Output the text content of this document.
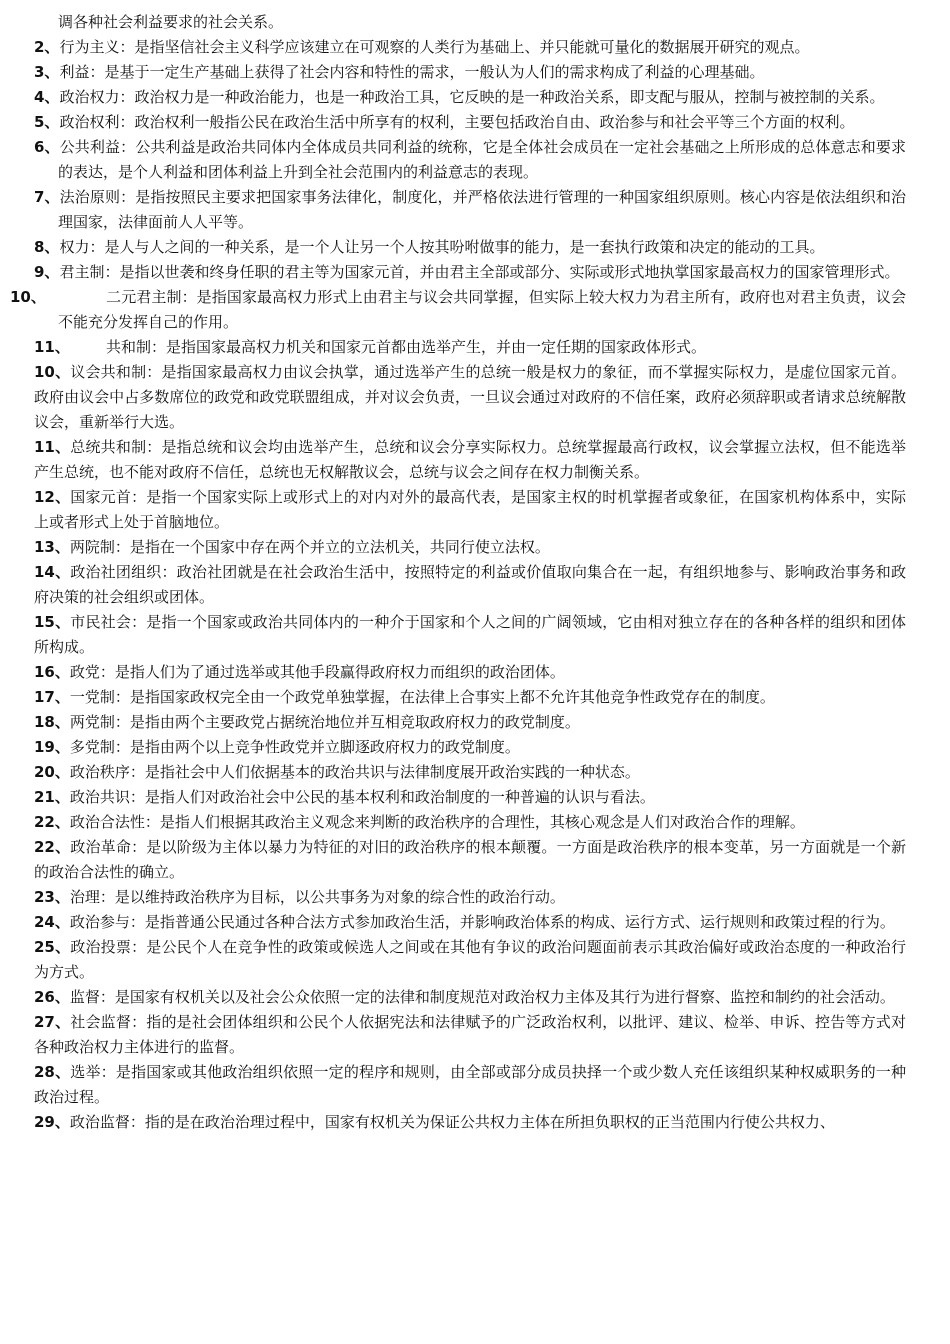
调各种社会利益要求的社会关系。

2、行为主义：是指坚信社会主义科学应该建立在可观察的人类行为基础上、并只能就可量化的数据展开研究的观点。

3、利益：是基于一定生产基础上获得了社会内容和特性的需求，一般认为人们的需求构成了利益的心理基础。

4、政治权力：政治权力是一种政治能力，也是一种政治工具，它反映的是一种政治关系，即支配与服从，控制与被控制的关系。

5、政治权利：政治权利一般指公民在政治生活中所享有的权利，主要包括政治自由、政治参与和社会平等三个方面的权利。

6、公共利益：公共利益是政治共同体内全体成员共同利益的统称，它是全体社会成员在一定社会基础之上所形成的总体意志和要求的表达，是个人利益和团体利益上升到全社会范围内的利益意志的表现。

7、法治原则：是指按照民主要求把国家事务法律化，制度化，并严格依法进行管理的一种国家组织原则。核心内容是依法组织和治理国家，法律面前人人平等。

8、权力：是人与人之间的一种关系，是一个人让另一个人按其吩咐做事的能力，是一套执行政策和决定的能动的工具。

9、君主制：是指以世袭和终身任职的君主等为国家元首，并由君主全部或部分、实际或形式地执掌国家最高权力的国家管理形式。

10、	二元君主制：是指国家最高权力形式上由君主与议会共同掌握，但实际上较大权力为君主所有，政府也对君主负责，议会不能充分发挥自己的作用。

11、 共和制：是指国家最高权力机关和国家元首都由选举产生，并由一定任期的国家政体形式。

10、议会共和制：是指国家最高权力由议会执掌，通过选举产生的总统一般是权力的象征，而不掌握实际权力，是虚位国家元首。政府由议会中占多数席位的政党和政党联盟组成，并对议会负责，一旦议会通过对政府的不信任案，政府必须辞职或者请求总统解散议会，重新举行大选。

11、总统共和制：是指总统和议会均由选举产生，总统和议会分享实际权力。总统掌握最高行政权，议会掌握立法权，但不能选举产生总统，也不能对政府不信任，总统也无权解散议会，总统与议会之间存在权力制衡关系。

12、国家元首：是指一个国家实际上或形式上的对内对外的最高代表，是国家主权的时机掌握者或象征，在国家机构体系中，实际上或者形式上处于首脑地位。

13、两院制：是指在一个国家中存在两个并立的立法机关，共同行使立法权。

14、政治社团组织：政治社团就是在社会政治生活中，按照特定的利益或价值取向集合在一起，有组织地参与、影响政治事务和政府决策的社会组织或团体。

15、市民社会：是指一个国家或政治共同体内的一种介于国家和个人之间的广阔领域，它由相对独立存在的各种各样的组织和团体所构成。

16、政党：是指人们为了通过选举或其他手段赢得政府权力而组织的政治团体。

17、一党制：是指国家政权完全由一个政党单独掌握，在法律上合事实上都不允许其他竞争性政党存在的制度。

18、两党制：是指由两个主要政党占据统治地位并互相竞取政府权力的政党制度。

19、多党制：是指由两个以上竞争性政党并立脚逐政府权力的政党制度。

20、政治秩序：是指社会中人们依据基本的政治共识与法律制度展开政治实践的一种状态。

21、政治共识：是指人们对政治社会中公民的基本权利和政治制度的一种普遍的认识与看法。

22、政治合法性：是指人们根据其政治主义观念来判断的政治秩序的合理性，其核心观念是人们对政治合作的理解。

22、政治革命：是以阶级为主体以暴力为特征的对旧的政治秩序的根本颠覆。一方面是政治秩序的根本变革，另一方面就是一个新的政治合法性的确立。

23、治理：是以维持政治秩序为目标，以公共事务为对象的综合性的政治行动。

24、政治参与：是指普通公民通过各种合法方式参加政治生活，并影响政治体系的构成、运行方式、运行规则和政策过程的行为。

25、政治投票：是公民个人在竞争性的政策或候选人之间或在其他有争议的政治问题面前表示其政治偏好或政治态度的一种政治行为方式。

26、监督：是国家有权机关以及社会公众依照一定的法律和制度规范对政治权力主体及其行为进行督察、监控和制约的社会活动。

27、社会监督：指的是社会团体组织和公民个人依据宪法和法律赋予的广泛政治权利，以批评、建议、检举、申诉、控告等方式对各种政治权力主体进行的监督。

28、选举：是指国家或其他政治组织依照一定的程序和规则，由全部或部分成员抉择一个或少数人充任该组织某种权威职务的一种政治过程。

29、政治监督：指的是在政治治理过程中，国家有权机关为保证公共权力主体在所担负职权的正当范围内行使公共权力、
